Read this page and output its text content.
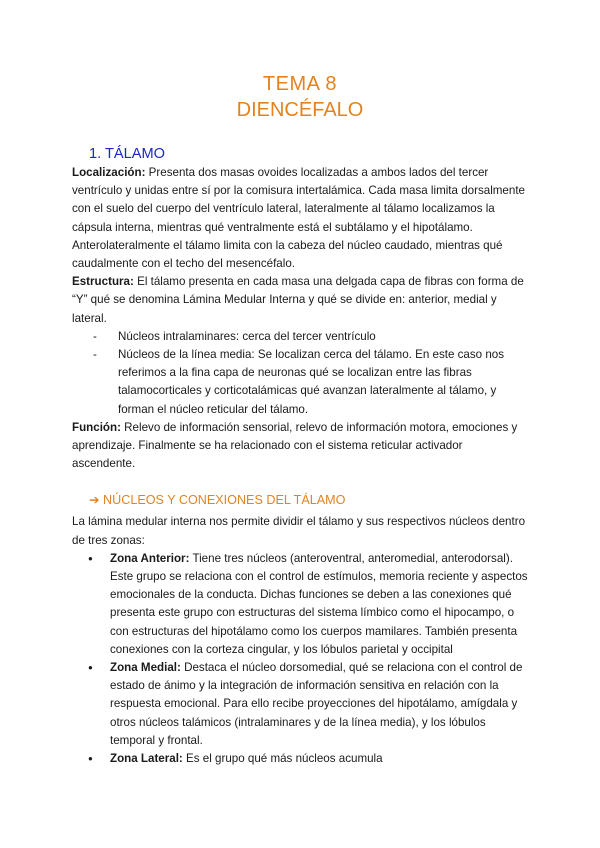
TEMA 8
DIENCÉFALO
1. TÁLAMO

Localización: Presenta dos masas ovoides localizadas a ambos lados del tercer ventrículo y unidas entre sí por la comisura intertalámica. Cada masa limita dorsalmente con el suelo del cuerpo del ventrículo lateral, lateralmente al tálamo localizamos la cápsula interna, mientras qué ventralmente está el subtálamo y el hipotálamo. Anterolateralmente el tálamo limita con la cabeza del núcleo caudado, mientras qué caudalmente con el techo del mesencéfalo.

Estructura: El tálamo presenta en cada masa una delgada capa de fibras con forma de “Y” qué se denomina Lámina Medular Interna y qué se divide en: anterior, medial y lateral.

- Núcleos intralaminares: cerca del tercer ventrículo
- Núcleos de la línea media: Se localizan cerca del tálamo. En este caso nos referimos a la fina capa de neuronas qué se localizan entre las fibras talamocorticales y corticotalámicas qué avanzan lateralmente al tálamo, y forman el núcleo reticular del tálamo.

Función: Relevo de información sensorial, relevo de información motora, emociones y aprendizaje. Finalmente se ha relacionado con el sistema reticular activador ascendente.

➔ NÚCLEOS Y CONEXIONES DEL TÁLAMO

La lámina medular interna nos permite dividir el tálamo y sus respectivos núcleos dentro de tres zonas:

● Zona Anterior: Tiene tres núcleos (anteroventral, anteromedial, anterodorsal). Este grupo se relaciona con el control de estímulos, memoria reciente y aspectos emocionales de la conducta. Dichas funciones se deben a las conexiones qué presenta este grupo con estructuras del sistema límbico como el hipocampo, o con estructuras del hipotálamo como los cuerpos mamilares. También presenta conexiones con la corteza cingular, y los lóbulos parietal y occipital
● Zona Medial: Destaca el núcleo dorsomedial, qué se relaciona con el control de estado de ánimo y la integración de información sensitiva en relación con la respuesta emocional. Para ello recibe proyecciones del hipotálamo, amígdala y otros núcleos talámicos (intralaminares y de la línea media), y los lóbulos temporal y frontal.
● Zona Lateral: Es el grupo qué más núcleos acumula
